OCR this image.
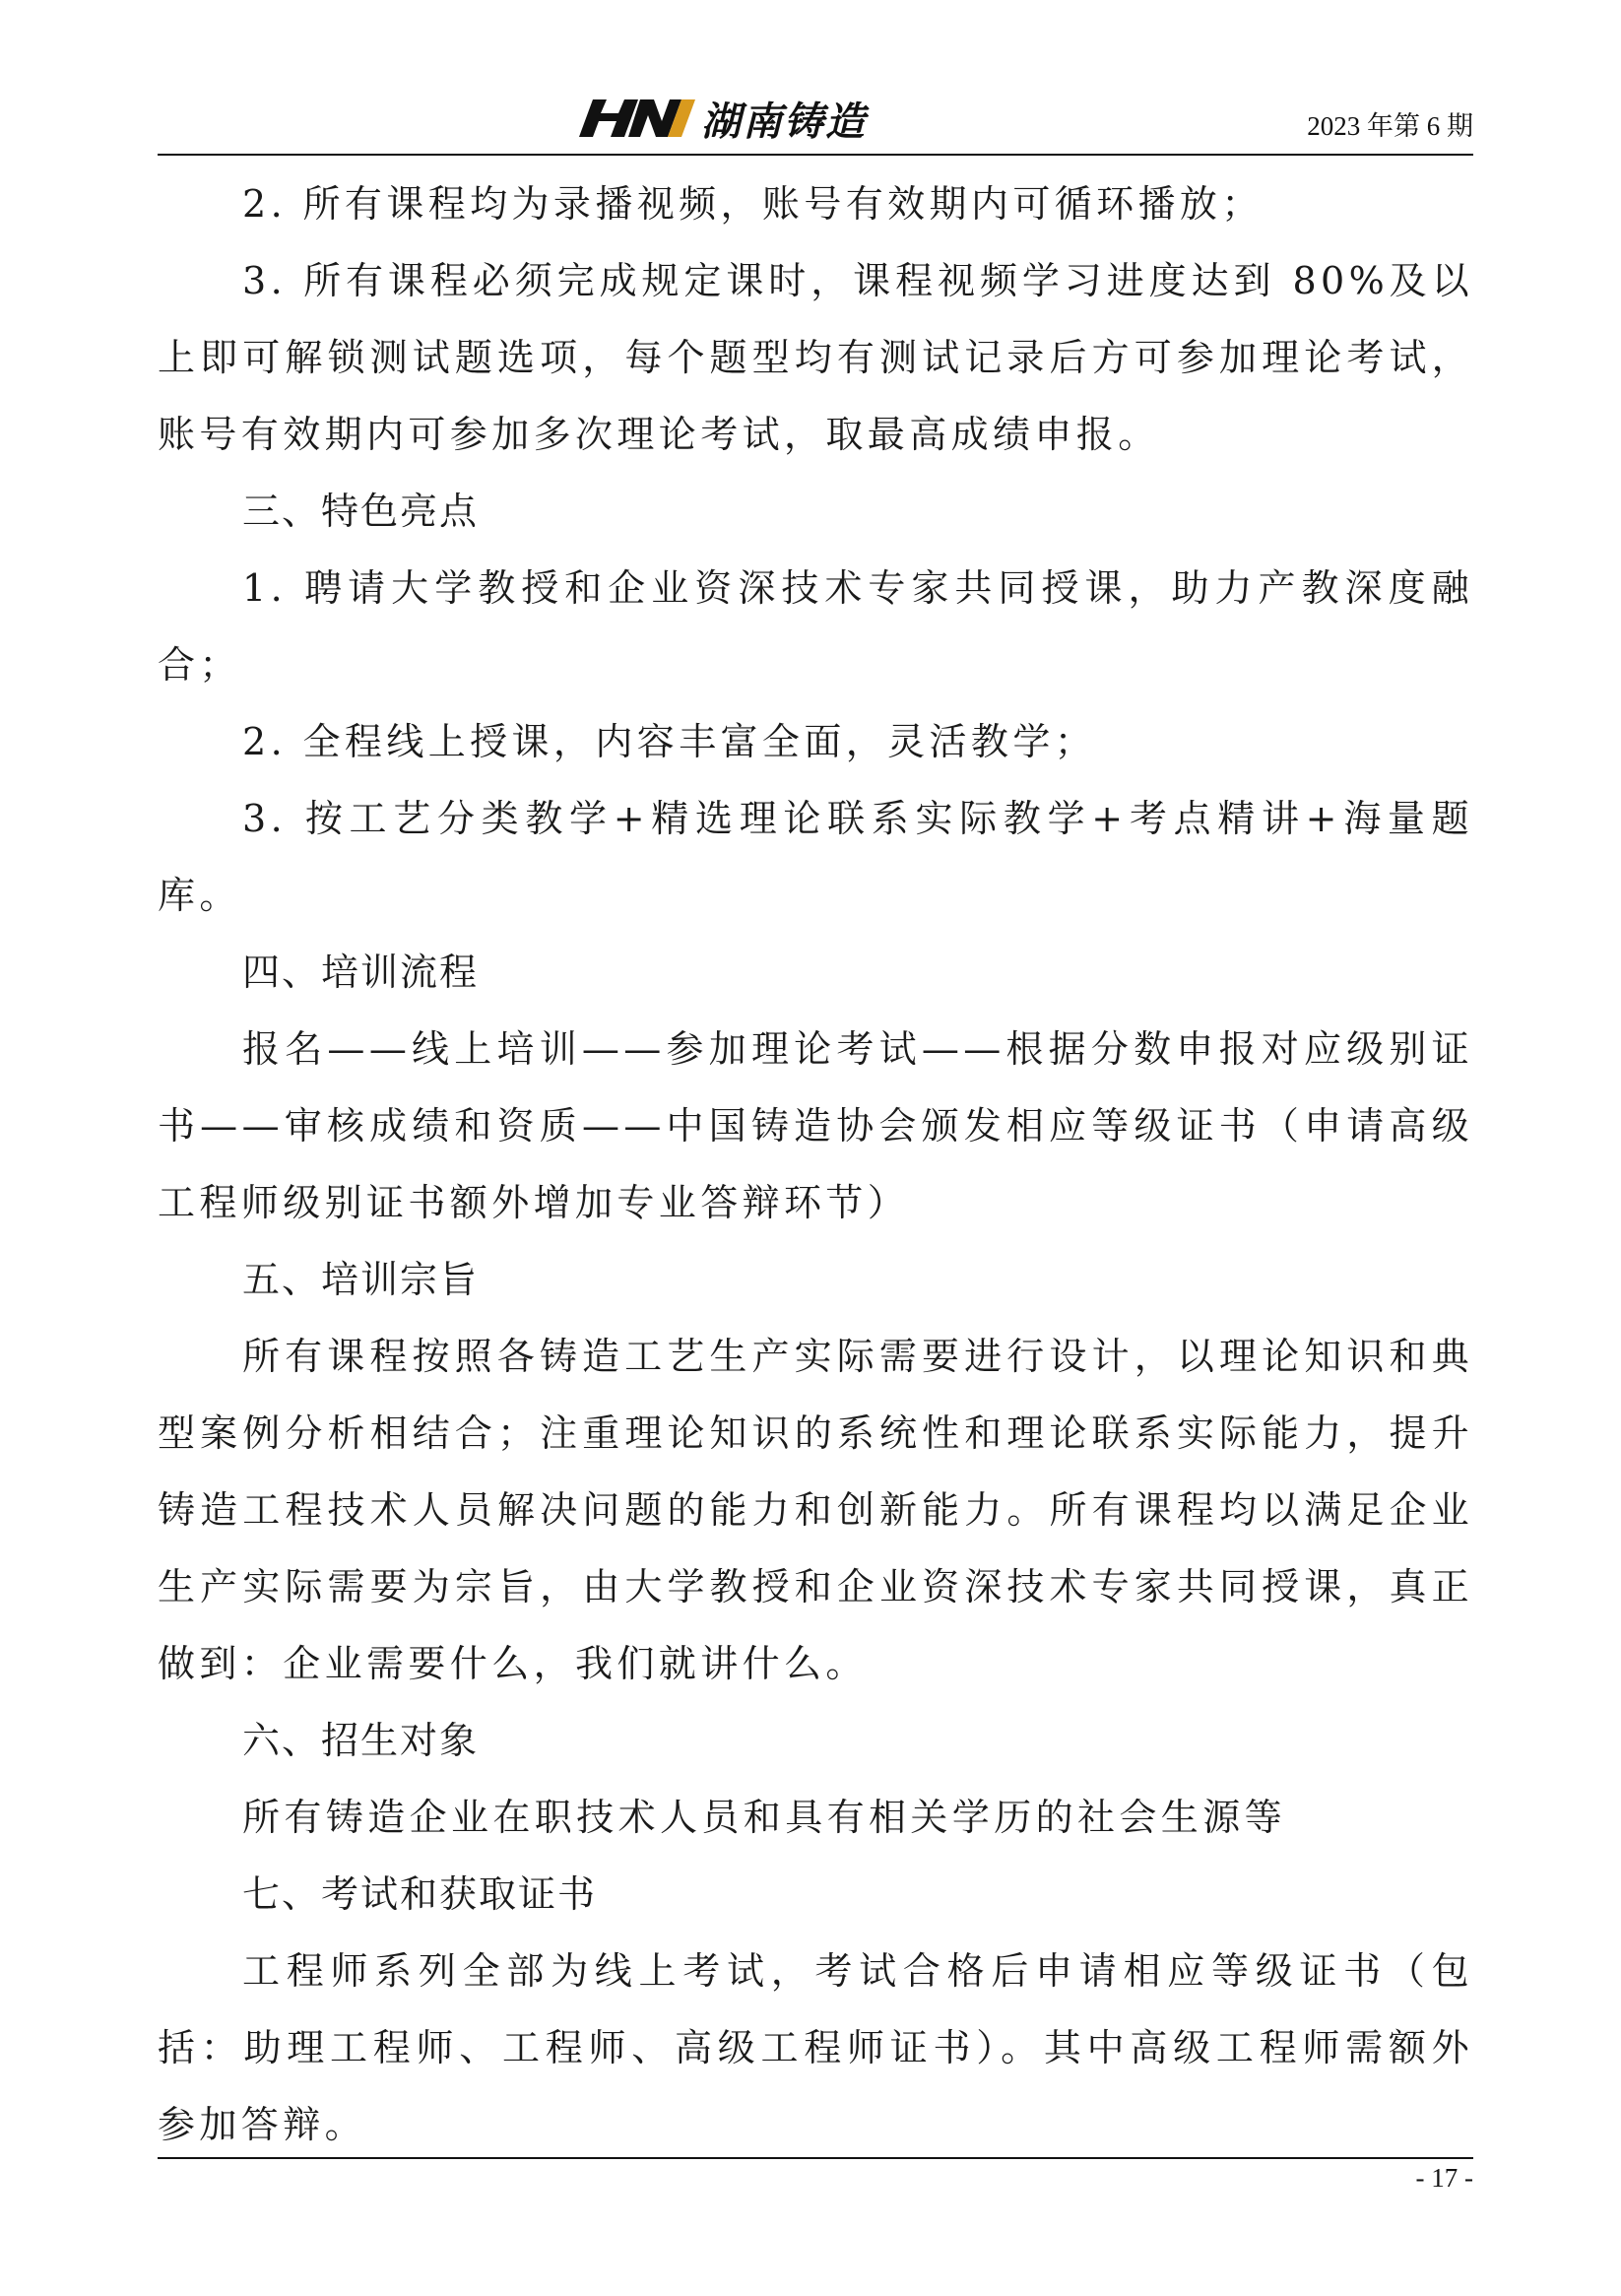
湖南铸造	2023 年第 6 期
2. 所有课程均为录播视频，账号有效期内可循环播放；
3. 所有课程必须完成规定课时，课程视频学习进度达到 80%及以上即可解锁测试题选项，每个题型均有测试记录后方可参加理论考试，账号有效期内可参加多次理论考试，取最高成绩申报。
三、特色亮点
1. 聘请大学教授和企业资深技术专家共同授课，助力产教深度融合；
2. 全程线上授课，内容丰富全面，灵活教学；
3. 按工艺分类教学+精选理论联系实际教学+考点精讲+海量题库。
四、培训流程
报名——线上培训——参加理论考试——根据分数申报对应级别证书——审核成绩和资质——中国铸造协会颁发相应等级证书（申请高级工程师级别证书额外增加专业答辩环节）
五、培训宗旨
所有课程按照各铸造工艺生产实际需要进行设计，以理论知识和典型案例分析相结合；注重理论知识的系统性和理论联系实际能力，提升铸造工程技术人员解决问题的能力和创新能力。所有课程均以满足企业生产实际需要为宗旨，由大学教授和企业资深技术专家共同授课，真正做到：企业需要什么，我们就讲什么。
六、招生对象
所有铸造企业在职技术人员和具有相关学历的社会生源等
七、考试和获取证书
工程师系列全部为线上考试，考试合格后申请相应等级证书（包括：助理工程师、工程师、高级工程师证书）。其中高级工程师需额外参加答辩。
- 17 -
